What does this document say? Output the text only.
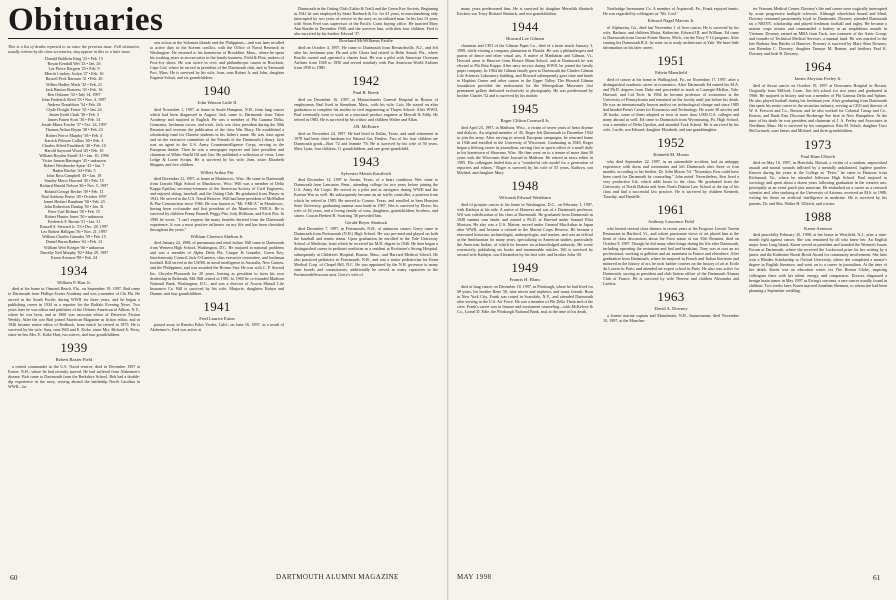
Obituaries

This is a list of deaths reported to us since the previous issue. Full obituaries, usually written by the class secretaries, may appear in this or a later issue.

Donald Baldwin King '23 • Feb. 15
Boyan Kendall Wei '23 • Jan. 26
Lee Pierce Bergren '25 • Feb. 9
Merritt Lindsey Joslyn '27 • Feb. 16
Russell Peck Barnum '31 • Feb. 20
Wilber Hadley Mack '32 • Feb. 21
Jack Benton Hostress '33 • Feb. 16
Ben Osborne '33 • July 14, 1997
John Frederick Reed '33 • Nov. 4, 1997
Andrew Donaldson '34 • Feb. 26
Clyde Dwight Foster '35 • Jan. 24
James Keith Clark '36 • Feb. 3
James Patten Scott '36 • Feb. 14
Josiah Minot Fowler '37 • Oct. 24, 1997
Thomas Arthur Bryan '38 • Feb. 23
Robert Pierce Murphy '38 • Feb. 4
Karrick Pelouze Collins '40 • Feb. 4
Charles Alfred Pinchbeck '40 • Feb. 10
Harold Sayward Wood '40 • Feb. 10
William Boyden Ensell '41 • Jan. 10, 1996
Victor Janson Barringer '43 • unknown
Robert Westbrooke Spear '43 • Jan. 7
Haden Ritchie '44 • Feb. 5
John Ross Campbell '45 • Jan. 18
Stanley Morss Howard '45 • Feb. 15
Richard Harold Nelson '46 • Nov. 5, 1997
Roland George Becker '49 • Feb. 11
Paul Anthony Peters '49 • October 1997
James Herbert Burnham '50 • Feb. 23
John Robertson Dunlap '50 • Jan. 31
Peter Carl Holmes '50 • Feb. 15
Robert Hunter Jones '50 • unknown
Frederick F. Brown '51 • Jan. 31
Russell S. Steward Jr. '53 • Dec. 28, 1997
Leo Robert Halligan '56 • Nov. 21, 1997
William Charles Grimsby '59 • Feb. 15
Daniel Baran Radner '62 • Feb. 13
William Weir Krieger '66 • unknown
Timothy Neil Murphy '82 • May 29, 1997
Karen Arenson '88 • Feb. 24
1934
William P. Hart Jr.

died at his home in Ormond Beach, Fla., on September 19, 1997. Bud came to Dartmouth from Phillips Exeter Academy and was a member of Chi Phi. He served in the South Pacific during WWII for three years, and he began a publishing career in 1934 as a reporter for the Buffalo Evening News. Two years later he was editor and publisher of the Orleans American in Albion, N.Y., where he was born, and in 1960 was associate editor of Detective Fiction Weekly. After the war Bud joined American Magazine as fiction editor, and in 1946 became senior editor of Redbook, from which he retired in 1975. He is survived by his wife, Sara, sons Will and E. Kirke, sister Mrs. Richard A. Perry, sister-in-law Mrs. E. Kirke Hart, two nieces, and four grandchildren.

1939
Robert Baxter Field

a retired commander in the U.S. Naval reserve, died in December 1997 at Exeter, N.H., where he had recently moved. He had suffered from Alzheimer's disease. Bob came to Dartmouth from the Berkshire School. Bob had a double-dip experience in the navy, serving aboard the battleship North Carolina in WWII—he

saw action in the Solomon Islands and the Philippines—and was later recalled to active duty in the Korean conflict, with the Office of Naval Research in Washington. He returned to his hometown of Brookline, Mass., where he spent his working years as an executive in the family business, Field & Flint, makers of Foot-Joy shoes. He was active in civic and philanthropic causes in Brockton, Cape Cod, where he served as president of the Dartmouth club, and in Yarmouth Port, Mass. He is survived by his wife, Jean, sons Robert Jr. and John, daughter Eugenie Schott, and six grandchildren.

1940
John Watson Little II

died November 1, 1997, at home in South Hampton, N.H., from lung cancer which had been diagnosed in August. Jack came to Dartmouth from Tabor Academy and majored in English. He was a member of Phi Gamma Delta, Germania, freshman soccer, and track. Jack was class president during the 50th Reunion and oversaw the publication of the class War Diary. He established a scholarship fund for Chinese students in his father's name. He was class agent and on the executive committee of the Friends of the Dartmouth Library. Jack was an agent in the U.S. Army Counterintelligence Corps, serving in the European theater. Then he was a newspaper reporter and later president and chairman of White Shield Oil and Gas. He published a collection of verse, Lone Ledge & Loose Scraps. He is survived by his wife, Jean, sister Elizabeth Shippen, and five children.

Willett Arthur Pitt

died December 21, 1997, at home in Manitowoc, Wisc. He came to Dartmouth from Lincoln High School in Manitowoc, Wisc. Will was a member of Delta Kappa Epsilon, secretary-treasurer of the American Society of Civil Engineers, and enjoyed skiing, baseball, and the Outing Club. He graduated from Thayer in 1941. He served in the U.S. Naval Reserve. Will had been president of McMullen & Pitz Construction since 1946. He was known as "Mr. YMCA" in Manitowoc, having been co-founder and first president of the Manitowoc YMCA. He is survived by children Penny Barnell, Peggy Pitz, Jody Holloran, and Erich Pitz. In 1990 he wrote, "I can't express the many benefits derived from the Dartmouth experience. It was a most positive influence on my life and has been cherished throughout the years."

William Clarence Shelton Jr.

died January 22, 1998, of pneumonia and renal failure. Bill came to Dartmouth from Western High School, Washington, D.C. He majored in national problems and was a member of Alpha Delta Phi, Casque & Gauntlet, Green Key, Interfraternity Council, Jack-O-Lantern, class executive committee, and freshman football. Bill served in the USNR, in naval intelligence in Australia, New Guinea, and the Philippines, and was awarded the Bronze Star. He was with C. P. Seward Inc. Chrysler-Plymouth for 20 years, leaving as president to form his own dealership in Bethesda, Md. Bill retired in 1981. In 1960 he co-founded Madison National Bank, Washington, D.C., and was a director of Acacia Mutual Life Insurance Co. Bill is survived by his wife, Marjorie, daughters Robyn and Dianne, and four grandchildren.

1941
Fred Laurice Eaton

passed away in Rancho Palos Verdes, Calif., on June 16, 1997, as a result of Alzheimer's. Fred was active at

Dartmouth in the Outing Club (Cabin & Trail) and the Green Key Society. Beginning in 1941 he was employed by Sears Roebuck & Co. for 41 years, in merchandising only interrupted by two years of service in the navy as an enlisted man. In his last 13 years with Sears Fred was supervisor of the Pacific Coast buying office. He married Mary Ann Raeder in December 1940, and she survives him, with their four children. Fred is also survived by his brother Edward '37.

Rowland McWilliams Fairlie

died on October 4, 1997. He came to Dartmouth from Bernardsville, N.J., and left after his freshman year. He and wife Gloria had retired to Hobe Sound, Fla., where Rowlie owned and operated a charter boat. He was a pilot with American Overseas Airlines from 1948 to 1950 and served similarly with Pan American World Airlines from 1950 to 1980.

1942
Paul B. Breck

died on December 16, 1997, at Massachusetts General Hospital in Boston of emphysema. Paul lived in Stoneham, Mass., with his wife, Lois. He stayed on after graduation to complete his studies in civil engineering at Thayer School. After WWII, Paul eventually went to work as a structural product engineer at Metcalf & Eddy. He retired in 1983. He is survived by his widow and children Walter and Allan.

J.B. McEntire

died on November 24, 1997. He had lived in Dallas, Texas, and until retirement in 1978 had been chief landman for Natural Gas Finders. Two of his four children are Dartmouth grads—Bart '72 and Jeannie '76. He is survived by his wife of 50 years, Mary Lynn, four children, 11 grandchildren, and one great-grandchild.

1943
Sylvester Martin Kauffroth

died December 12, 1997 in Austin, Texas, of a heart condition. Wes came to Dartmouth from Lancaster, Penn., attending college for two years before joining the U.S. Army Air Corps. He served as a pilot and as navigator during WWII and the Korean War as well. He subsequently became an air traffic controller, a position from which he retired in 1985. He moved to Conroe, Texas, and enrolled in Sam Houston State University, graduating summa cum laude in 1987. Wes is survived by Eloise, his wife of 44 years, and a loving family of sons, daughters, grandchildren, brothers, and sisters. Cousin Herbert B. Swarting '38 preceded him.

Gerald Boyer Shattuck

died December 7, 1997, in Portsmouth, N.H., of unknown causes. Gerry came to Dartmouth from Portsmouth (N.H.) High School. He was pre-med and played on both the baseball and tennis teams. Upon graduation he enrolled in the Yale University School of Medicine, from which he received his M.D. degree in 1946. He then began a distinguished career in pediatric medicine as a resident at Rochester's Strong Hospital, subsequently at Children's Hospital, Boston, Mass., and Harvard Medical School. He also practiced pediatrics in Portsmouth, N.H., and was a senior pediatrician for Kenn Medical Corp. of Chapel Hill, N.C. He was appointed by the N.H. governor to many state boards and commissions, additionally he served as many capacities in the Portsmouth/Seacoast area. Gerry's wife of

60	DARTMOUTH ALUMNI MAGAZINE

many years predeceased him. He is survived by daughter Meredith Shattuck Kecken, son Tracy Richard Shattuck, and two grandchildren.

1944
Howard Lee Gilman

chairman and CEO of the Gilman Paper Co., died of a heart attack January 3, 1998, while visiting a company plantation in Florida. He was a philanthropist and patron of dance and other visual arts. A native of Manhattan and Gilman, Vt., Howard came to Hanover from Horace Mann School, and at Dartmouth he was elected to Phi Beta Kappa. After navy service during WWII, he joined the family paper company. In 1964 the Gilman family gave to Dartmouth the Charles Gilman Life Sciences Laboratory building, and Howard subsequently gave time and funds to Hopkins Center and other causes in the Upper Valley. The Howard Gilman foundation provided the endowment for the Metropolitan Museum's first permanent gallery dedicated exclusively to photography. He was predeceased by brother Charles '52 and is survived by his mother.

1945
Roger Clifton Cornwell Jr.

died April 23, 1997, in Madison, Wisc., a victim of seven years of heart disease and dialysis. An original member of '45, Roger left Dartmouth in December 1942 to join the army. After serving in several European campaigns, he returned home in 1946 and enrolled in the University of Wisconsin. Graduating in 1948, Roger began a lifelong career in journalism, serving first as sports editor of a small daily in his hometown of Shawano, Wisc. He then went on to a tenure of more than 30 years with the Wisconsin State Journal in Madison. He retired as news editor in 1985. His colleagues hailed him as a "wonderful role model for a generation of reporters and editors." Roger is survived by his wife of 55 years, Kathryn, son Michael, and daughter Mary.

1948
Wilcomb Edward Washburn

died of prostate cancer at his home in Washington, D.C., on February 1, 1997, with Kathryn at his side. A native of Hanover and son of a Dartmouth professor, Wil was valedictorian of his class at Dartmouth. He graduated from Dartmouth in 1948 summa cum laude, and earned a Ph.D. at Harvard under Samuel Eliot Morison. He also was a U.S. Marine, served under General MacArthur in Japan after WWII, and became a colonel in the Marine Corps Reserve. He became a renowned historian, archaeologist, anthropologist, and teacher, and was an official at the Smithsonian for many years, specializing in American studies, particularly the American Indian, of which he became an acknowledged authority. He wrote extensively, publishing six books and innumerable articles. Wil is survived by second wife Kathryn, son Alexandros by his first wife, and brother John '49.

1949
Francis H. Blanc

died of lung cancer on December 18, 1997, in Pittsburgh, where he had lived for 38 years, his brother Rene '50, nine nieces and nephews, and many friends. Born in New York City, Frank was raised in Scarsdale, N.Y., and attended Dartmouth after serving in the U.S. Air Force. He was a member of Phi Delta Theta and of the crew. Frank's career was in finance and investment counseling—with McKelvey & Co., Lionel D. Edie, the Pittsburgh National Bank, and, at the time of his death,

Northridge Investment Co. A member of Aspinwall, Pa., Frank enjoyed tennis. He was regarded by colleagues as "Mr. Cool."

Edward Nagel Marcus Jr.

of Alpharetta, Ga., died last November 1 of liver cancer. He is survived by his wife, Barbara, and children Moira, Katherine, Edward III, and William. Ed came to Dartmouth from Grosse Pointe Shores, Mich., via the Navy V-12 program. After earning his Dartmouth B.A. he went on to study architecture at Yale. We have little information on his later career.

1951
Edwin Mansfield

died of cancer at his home in Wallingford, Pa., on November 17, 1997, after a distinguished academic career in economics. After Dartmouth Ed earned his M.A. and Ph.D. degrees from Duke and proceeded to teach at Carnegie-Mellon, Yale, Harvard, and Cal Tech. In 1964 he became professor of economics at the University of Pennsylvania and remained on the faculty until just before his death. He was an internationally known analyst on technological change and since 1985 had headed Penn's Center for Economics and Technology. He wrote 30 articles and 20 books, some of them adopted as texts at more than 1,000 U.S. colleges and many abroad as well. Ed came to Dartmouth from Wyomissing, Pa. High School, was a member of Delta Upsilon, and attended Tuck School. He is survived by his wife, Lucile, son Edward, daughter Elizabeth, and one granddaughter.

1952
Kenneth M. Moran

who died September 22, 1997, in an automobile accident, had an unhappy experience with dorm and roommates and left Dartmouth after three or four months, according to his brother, Dr. John Moran '54. "Nowadays Ken could have been cared for Dartmouth by counseling." John noted. Nevertheless, Ken lived a very productive life, which adds luster to the class. He graduated from the University of North Dakota and from North Dakota Law School at the top of his class and had a successful law practice. He is survived by children Kenneth, Timothy, and Danielle.

1961
Anthony Lawrence Field

who hosted several class dinners in recent years at his Frograce Lavoitt Tavern Restaurant in Hartford, Vt., and whose passionate views of art placed him at the heart of class discussions about the Frost statue at our 35th Reunion, died on October 9, 1997. Though he did many other things during his life after Dartmouth, including operating the restaurant and bed and breakfast, Tony was at root an art professional, working at galleries and art museums in France and elsewhere. After graduation from Dartmouth, where he majored in French and Italian literature and minored in the history of art, he took further courses on the history of art at Ecole du Louvre in Paris, and attended art-expert school in Paris. He also was active for Dartmouth, serving as president and club liaison officer of the Dartmouth Alumni Club of France. He is survived by wife Therese and children Alexandra and Laetitia.

1963
David A. Downey

a former marine captain and Manchester, N.H., businessman, died November 10, 1997, at the Manches-

ter Veterans Medical Center. Downey's life and career were tragically interrupted by acute progressive multiple sclerosis. Although wheelchair bound and blind, Downey remained passionately loyal to Dartmouth. Downey attended Dartmouth on a NROTC scholarship and played freshman football and rugby. He became a marine corps aviator and commanded a battery in an amphibious assault in Vietnam. Downey earned an MBA from Tuck, was treasurer of the Aztec Group, and founder of Technical Medical Services, a manual fund. He was married to the late Barbara Ann Battles of Hanover. Downey is survived by Mary Shea Downey, son Brendan C. Downey, daughter Tamsyn M. Bonner, and brothers Paul K. Downey and Jude B. Downey.

1964
James Aloysius Feeley Jr.

died of throat cancer on October 19, 1997 at Deaconess Hospital in Boston. Originally from Milford, Conn., Jim left school for two years and graduated in 1966. He majored in history and was a member of Phi Gamma Delta and Sphinx. He also played football during his freshman year. After graduating from Dartmouth Jim spent his entire career in the securities industry, serving as CEO and director of W. S. Prescott and Co., Boston, and he also worked for Colonial Group and Co., Boston, and Bank East Discount Brokerage See here in New Hampshire. At the time of his death he was president and chairman of J. A. Feeley and Associates in Needham, Mass. He is survived by his companion, Rita M. Schuh, daughter Traci McCormack, sons James and Michael, and three grandchildren.

1973
Paul Hans Ulbrich

died on May 10, 1997, in Honolulu, Hawaii, a victim of a random, unprovoked assault and mortal wounds inflicted by a mentally unbalanced, fugitive parolee. Known during his years at the College as "Peter," he came to Hanover from Richmond, Va., where he attended Jefferson High School. Paul majored in sociology and spent about a dozen years following graduation in the creative arts, principally as an event patch jazz musician. He embarked on a career as a research scientist and, after studying at the University of Arizona, received an M.S. in 1988, writing his thesis on artificial intelligence in medicine. He is survived by his parents, Dr. and Mrs. Walter H. Ulbrich, and a sister.

1988
Karen Arenson

died peacefully February 25, 1998, at her home in Westfield, N.J., after a nine-month fight against cancer. She was remained by all who knew her. An English major from Long Island, Karen served as president and founded the Women's Issues Forum at Dartmouth, where she received the Lockwood prize for her writing by a junior and the Katherine Brook Brock Award for community involvement. She later won a Rhodes Scholarship to Oxford University, where she completed a master's degree in English literature, and went on to a career in journalism. At the time of her death, Karen was an education writer for The Boston Globe, inspiring colleagues there with her talent, energy, and compassion. Doctors diagnosed a benign brain tumor in May 1997 as Ewing's sarcoma, a rare cancer usually found in children. Two weeks later, Karen married Jonathan Sherman, to whom she had been planning a September wedding.

MAY 1998	61
